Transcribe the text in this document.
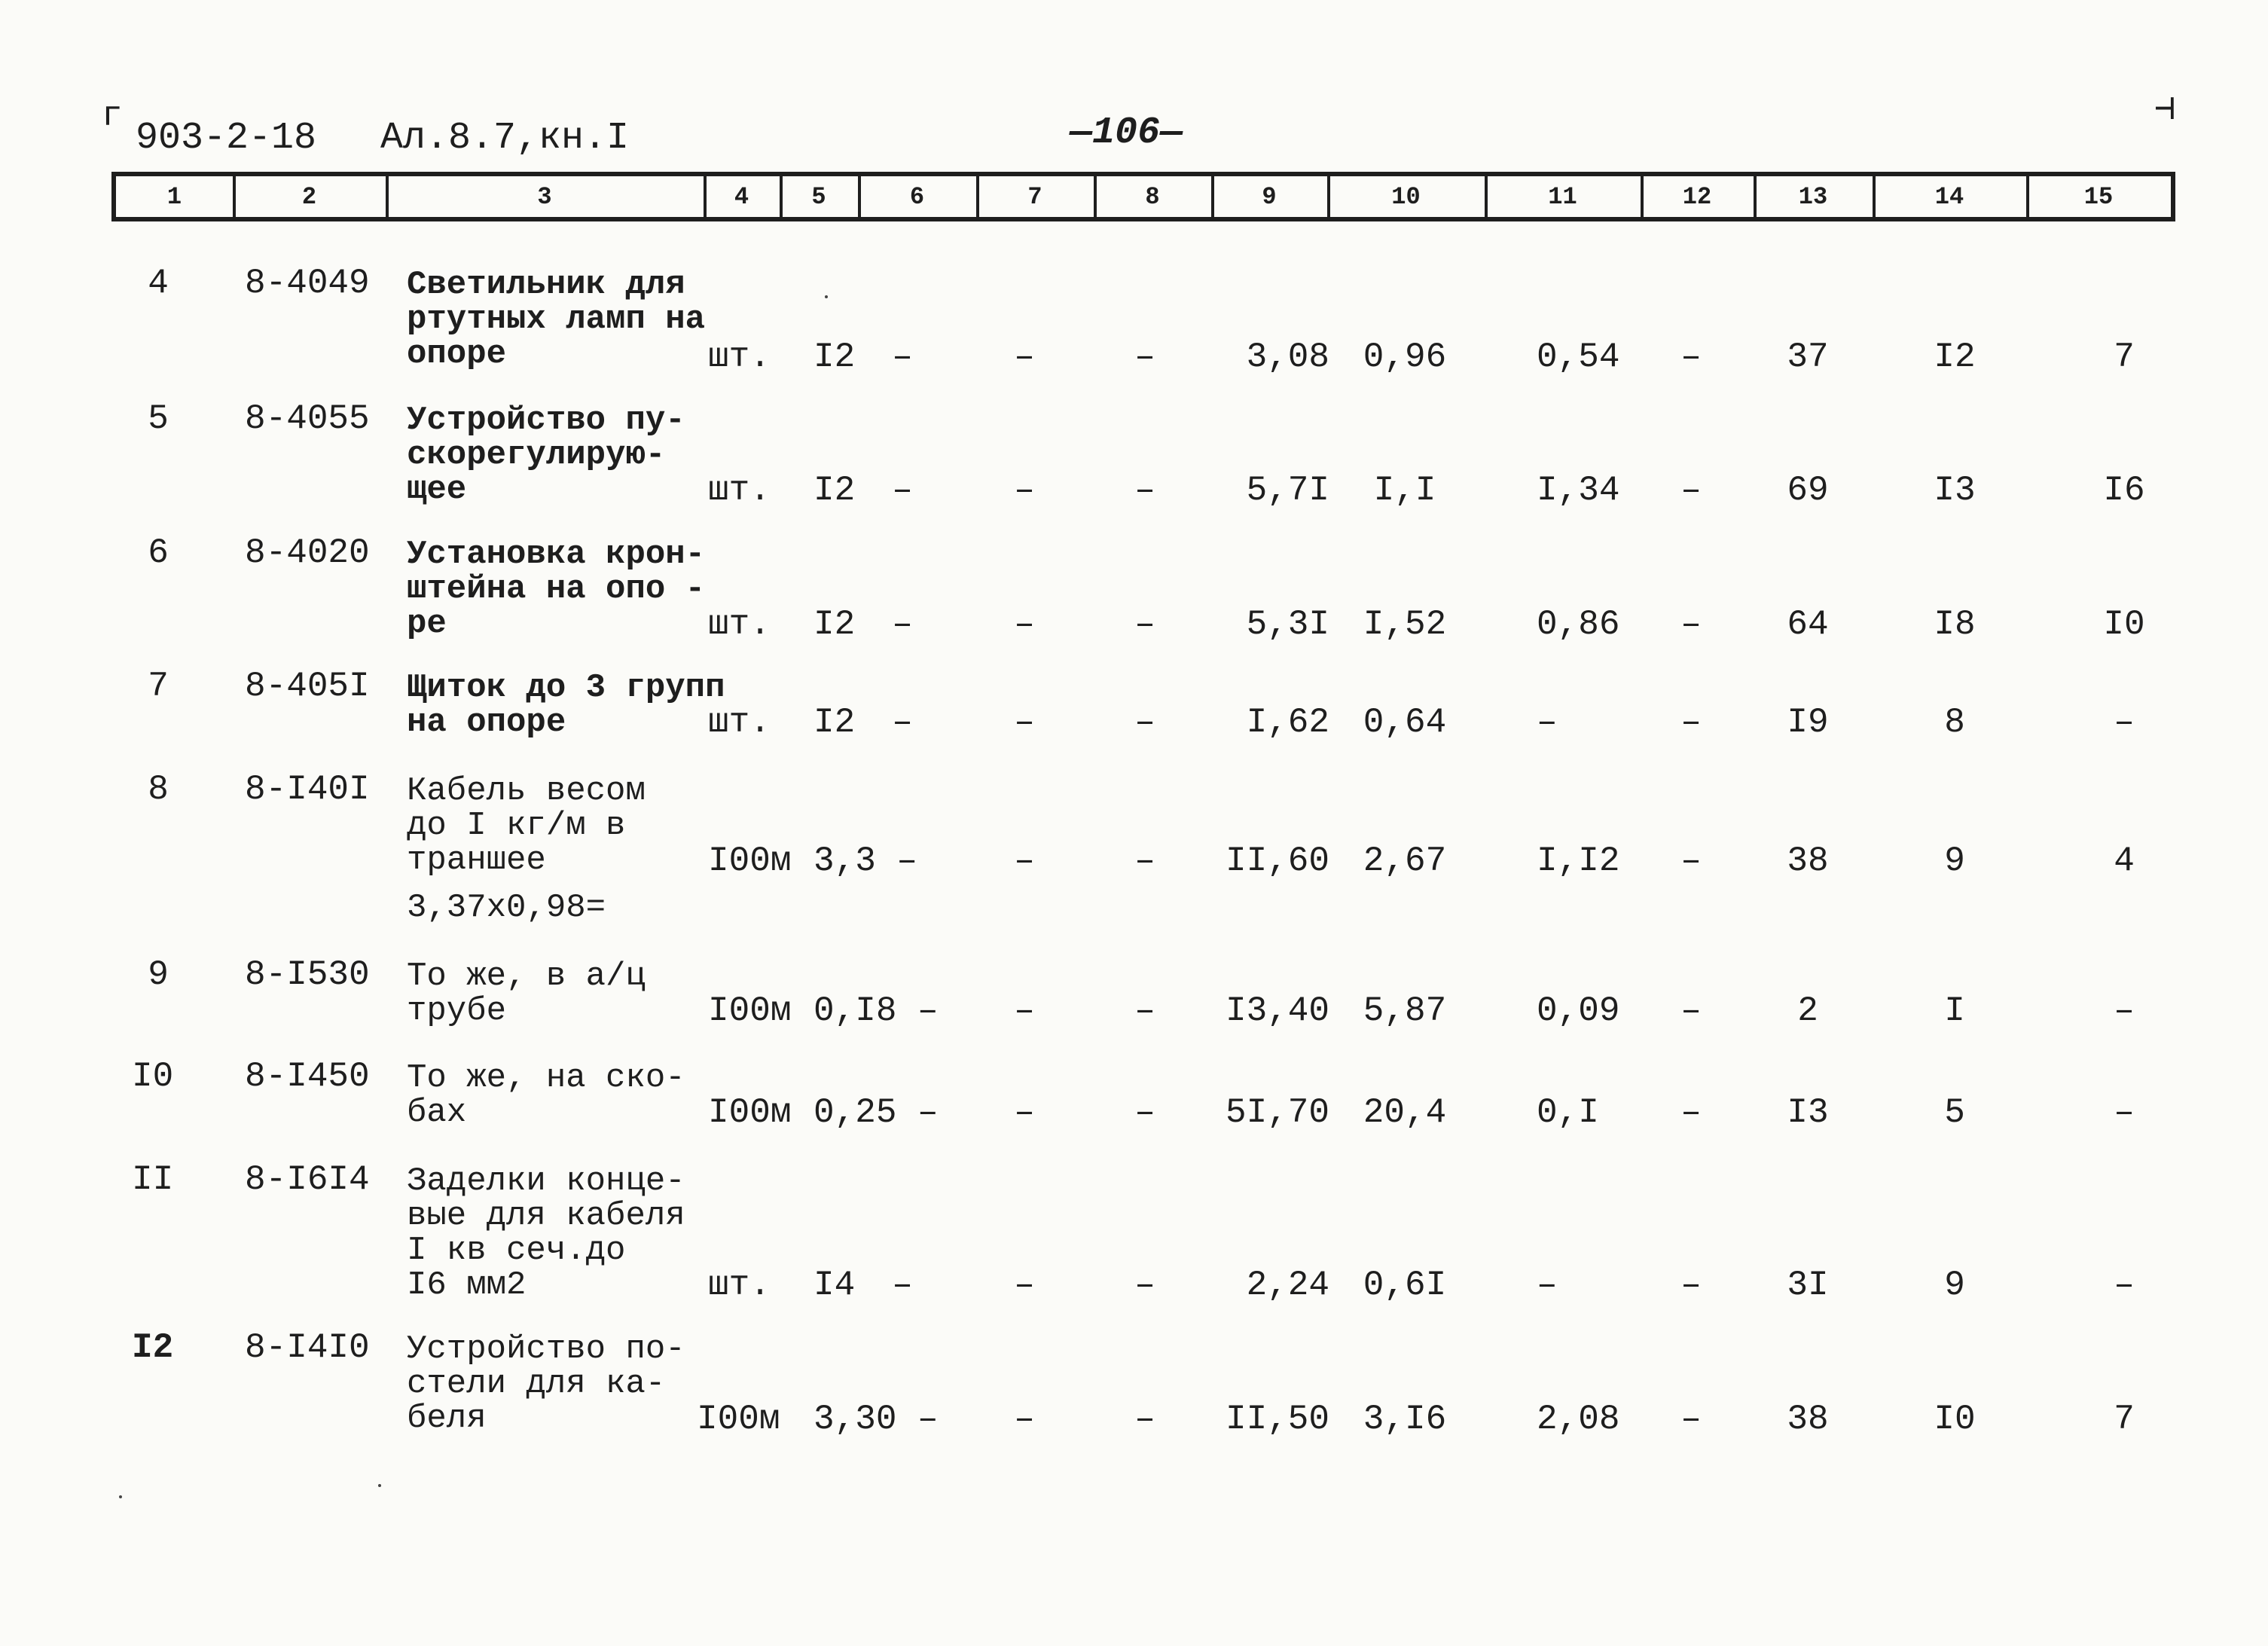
г	⊣
903-2-18 Ал.8.7,кн.I	—106—
1	2	3	4	5	6	7	8	9	10	11	12	13	14	15
4 8-4049 Светильник для
ртутных ламп на
опоре	шт. I2 –	–	–	3,08 0,96	0,54	–	37	I2	7
5 8-4055 Устройство пу-
скорегулирую-
щее	шт. I2 –	–	–	5,7I	I,I	I,34	–	69	I3	I6
6 8-4020 Установка крон-
штейна на опо -
ре	шт. I2 –	–	–	5,3I I,52	0,86	–	64	I8	I0
7 8-405I Щиток до 3 групп
на опоре	шт. I2 –	–	–	I,62 0,64	–	–	I9	8	–
8 8-I40I Кабель весом
до I кг/м в
траншее
3,37х0,98=
I00м 3,3 –	–	–	II,60 2,67	I,I2	–	38	9	4
9 8-I530 То же, в а/ц
трубе	I00м 0,I8 – –	–	I3,40 5,87	0,09	–	2	I	–
I0 8-I450 То же, на ско-
бах	I00м 0,25 – –	–	5I,70 20,4	0,I	–	I3	5	–
II 8-I6I4 Заделки конце-
вые для кабеля
I кв сеч.до
I6 мм2	шт. I4 –	–	–	2,24 0,6I	–	–	3I	9	–
I2 8-I4I0 Устройство по-
стели для ка-
беля	I00м 3,30 – –	–	II,50 3,I6	2,08	–	38	I0	7
